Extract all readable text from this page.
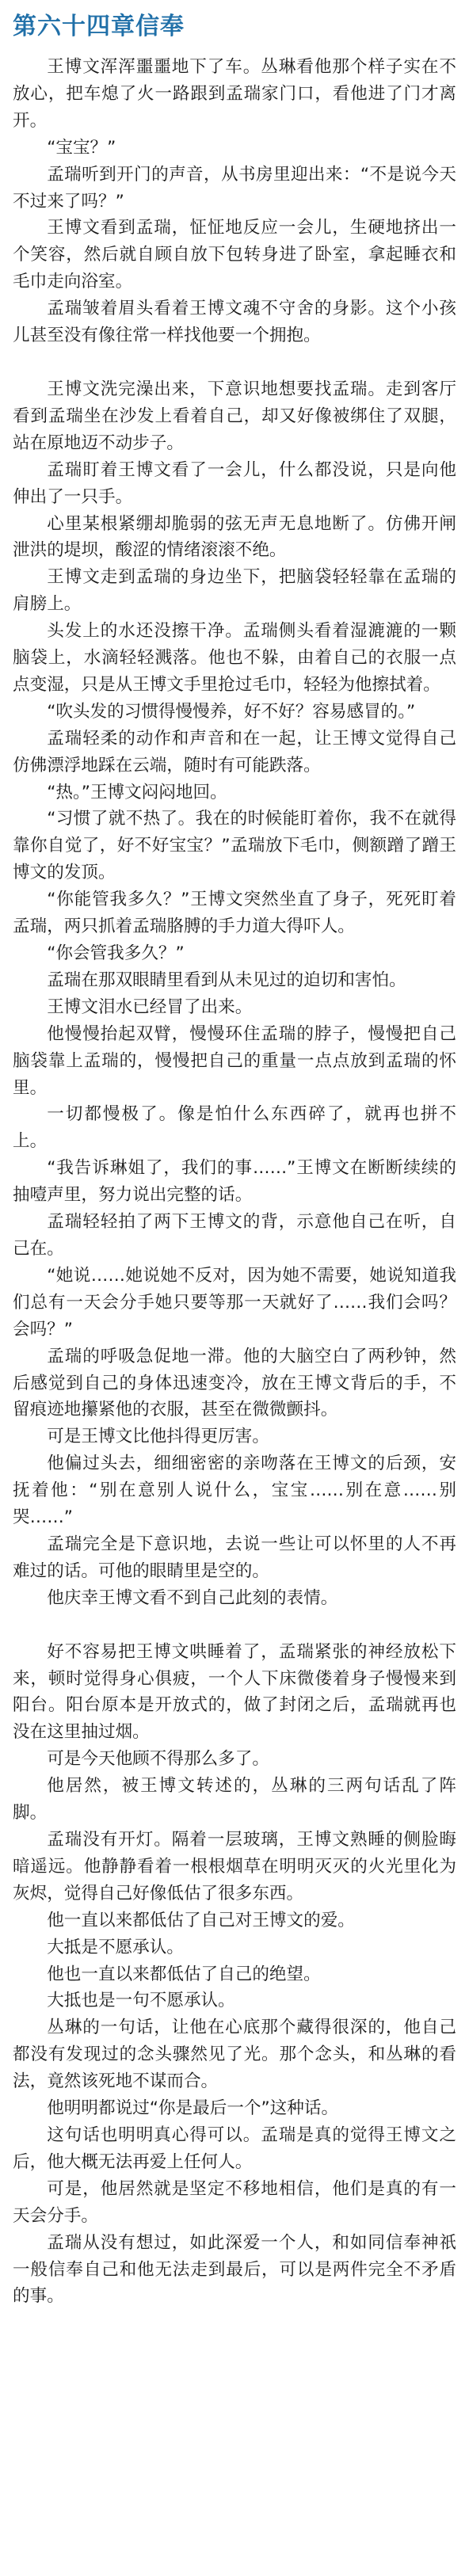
第六十四章信奉

王博文浑浑噩噩地下了车。丛琳看他那个样子实在不放心，把车熄了火一路跟到孟瑞家门口，看他进了门才离开。

“宝宝？”

孟瑞听到开门的声音，从书房里迎出来：“不是说今天不过来了吗？”

王博文看到孟瑞，怔怔地反应一会儿，生硬地挤出一个笑容，然后就自顾自放下包转身进了卧室，拿起睡衣和毛巾走向浴室。

孟瑞皱着眉头看着王博文魂不守舍的身影。这个小孩儿甚至没有像往常一样找他要一个拥抱。

王博文洗完澡出来，下意识地想要找孟瑞。走到客厅看到孟瑞坐在沙发上看着自己，却又好像被绑住了双腿，站在原地迈不动步子。

孟瑞盯着王博文看了一会儿，什么都没说，只是向他伸出了一只手。

心里某根紧绷却脆弱的弦无声无息地断了。仿佛开闸泄洪的堤坝，酸涩的情绪滚滚不绝。

王博文走到孟瑞的身边坐下，把脑袋轻轻靠在孟瑞的肩膀上。

头发上的水还没擦干净。孟瑞侧头看着湿漉漉的一颗脑袋上，水滴轻轻溅落。他也不躲，由着自己的衣服一点点变湿，只是从王博文手里抢过毛巾，轻轻为他擦拭着。

“吹头发的习惯得慢慢养，好不好？容易感冒的。”

孟瑞轻柔的动作和声音和在一起，让王博文觉得自己仿佛漂浮地踩在云端，随时有可能跌落。

“热。”王博文闷闷地回。

“习惯了就不热了。我在的时候能盯着你，我不在就得靠你自觉了，好不好宝宝？”孟瑞放下毛巾，侧额蹭了蹭王博文的发顶。

“你能管我多久？”王博文突然坐直了身子，死死盯着孟瑞，两只抓着孟瑞胳膊的手力道大得吓人。

“你会管我多久？”

孟瑞在那双眼睛里看到从未见过的迫切和害怕。

王博文泪水已经冒了出来。

他慢慢抬起双臂，慢慢环住孟瑞的脖子，慢慢把自己脑袋靠上孟瑞的，慢慢把自己的重量一点点放到孟瑞的怀里。

一切都慢极了。像是怕什么东西碎了，就再也拼不上。

“我告诉琳姐了，我们的事……”王博文在断断续续的抽噎声里，努力说出完整的话。

孟瑞轻轻拍了两下王博文的背，示意他自己在听，自己在。

“她说……她说她不反对，因为她不需要，她说知道我们总有一天会分手她只要等那一天就好了……我们会吗？会吗？”

孟瑞的呼吸急促地一滞。他的大脑空白了两秒钟，然后感觉到自己的身体迅速变冷，放在王博文背后的手，不留痕迹地攥紧他的衣服，甚至在微微颤抖。

可是王博文比他抖得更厉害。

他偏过头去，细细密密的亲吻落在王博文的后颈，安抚着他：“别在意别人说什么，宝宝……别在意……别哭……”

孟瑞完全是下意识地，去说一些让可以怀里的人不再难过的话。可他的眼睛里是空的。

他庆幸王博文看不到自己此刻的表情。

好不容易把王博文哄睡着了，孟瑞紧张的神经放松下来，顿时觉得身心俱疲，一个人下床微偻着身子慢慢来到阳台。阳台原本是开放式的，做了封闭之后，孟瑞就再也没在这里抽过烟。

可是今天他顾不得那么多了。

他居然，被王博文转述的，丛琳的三两句话乱了阵脚。

孟瑞没有开灯。隔着一层玻璃，王博文熟睡的侧脸晦暗遥远。他静静看着一根根烟草在明明灭灭的火光里化为灰烬，觉得自己好像低估了很多东西。

他一直以来都低估了自己对王博文的爱。

大抵是不愿承认。

他也一直以来都低估了自己的绝望。

大抵也是一句不愿承认。

丛琳的一句话，让他在心底那个藏得很深的，他自己都没有发现过的念头骤然见了光。那个念头，和丛琳的看法，竟然该死地不谋而合。

他明明都说过“你是最后一个”这种话。

这句话也明明真心得可以。孟瑞是真的觉得王博文之后，他大概无法再爱上任何人。

可是，他居然就是坚定不移地相信，他们是真的有一天会分手。

孟瑞从没有想过，如此深爱一个人，和如同信奉神祇一般信奉自己和他无法走到最后，可以是两件完全不矛盾的事。
